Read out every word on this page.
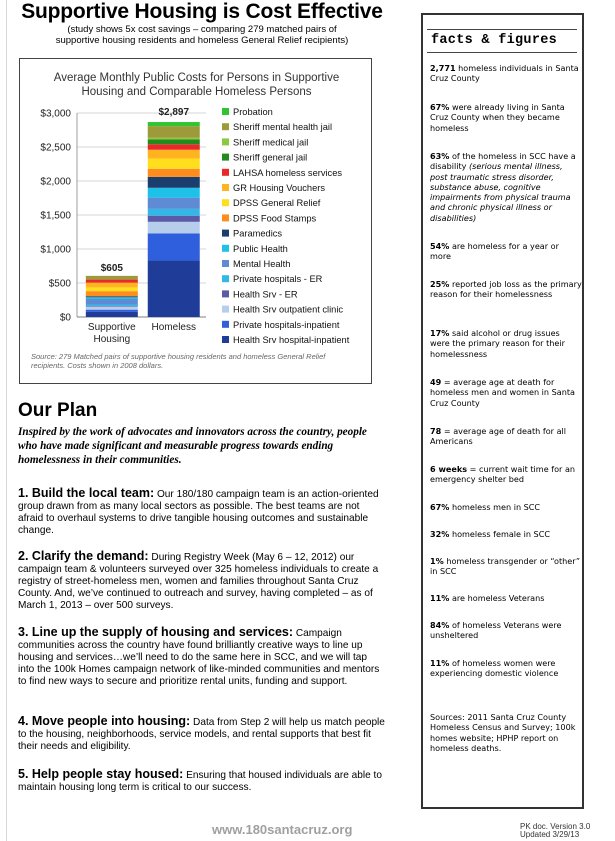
Supportive Housing is Cost Effective
(study shows 5x cost savings – comparing 279 matched pairs of
supportive housing residents and homeless General Relief recipients)
Average Monthly Public Costs for Persons in Supportive
Housing and Comparable Homeless Persons
$0
$500
$1,000
$1,500
$2,000
$2,500
$3,000
$605
Supportive
Housing
$2,897
Homeless
Probation
Sheriff mental health jail
Sheriff medical jail
Sheriff general jail
LAHSA homeless services
GR Housing Vouchers
DPSS General Relief
DPSS Food Stamps
Paramedics
Public Health
Mental Health
Private hospitals - ER
Health Srv - ER
Health Srv outpatient clinic
Private hospitals-inpatient
Health Srv hospital-inpatient
Source: 279 Matched pairs of supportive housing residents and homeless General Relief recipients. Costs shown in 2008 dollars.
Our Plan
Inspired by the work of advocates and innovators across the country, people who have made significant and measurable progress towards ending homelessness in their communities.
1. Build the local team: Our 180/180 campaign team is an action-oriented group drawn from as many local sectors as possible. The best teams are not afraid to overhaul systems to drive tangible housing outcomes and sustainable change.
2. Clarify the demand: During Registry Week (May 6 – 12, 2012) our campaign team & volunteers surveyed over 325 homeless individuals to create a registry of street-homeless men, women and families throughout Santa Cruz County. And, we’ve continued to outreach and survey, having completed – as of March 1, 2013 – over 500 surveys.
3. Line up the supply of housing and services: Campaign communities across the country have found brilliantly creative ways to line up housing and services…we’ll need to do the same here in SCC, and we will tap into the 100k Homes campaign network of like-minded communities and mentors to find new ways to secure and prioritize rental units, funding and support.
4. Move people into housing: Data from Step 2 will help us match people to the housing, neighborhoods, service models, and rental supports that best fit their needs and eligibility.
5. Help people stay housed: Ensuring that housed individuals are able to maintain housing long term is critical to our success.
www.180santacruz.org	PK doc. Version 3.0
Updated 3/29/13
facts & figures
2,771 homeless individuals in Santa Cruz County
67% were already living in Santa Cruz County when they became homeless
63% of the homeless in SCC have a disability (serious mental illness, post traumatic stress disorder, substance abuse, cognitive impairments from physical trauma and chronic physical illness or disabilities)
54% are homeless for a year or more
25% reported job loss as the primary reason for their homelessness
17% said alcohol or drug issues were the primary reason for their homelessness
49 = average age at death for homeless men and women in Santa Cruz County
78 = average age of death for all Americans
6 weeks = current wait time for an emergency shelter bed
67% homeless men in SCC
32% homeless female in SCC
1% homeless transgender or “other” in SCC
11% are homeless Veterans
84% of homeless Veterans were unsheltered
11% of homeless women were experiencing domestic violence
Sources: 2011 Santa Cruz County Homeless Census and Survey; 100k homes website; HPHP report on homeless deaths.
